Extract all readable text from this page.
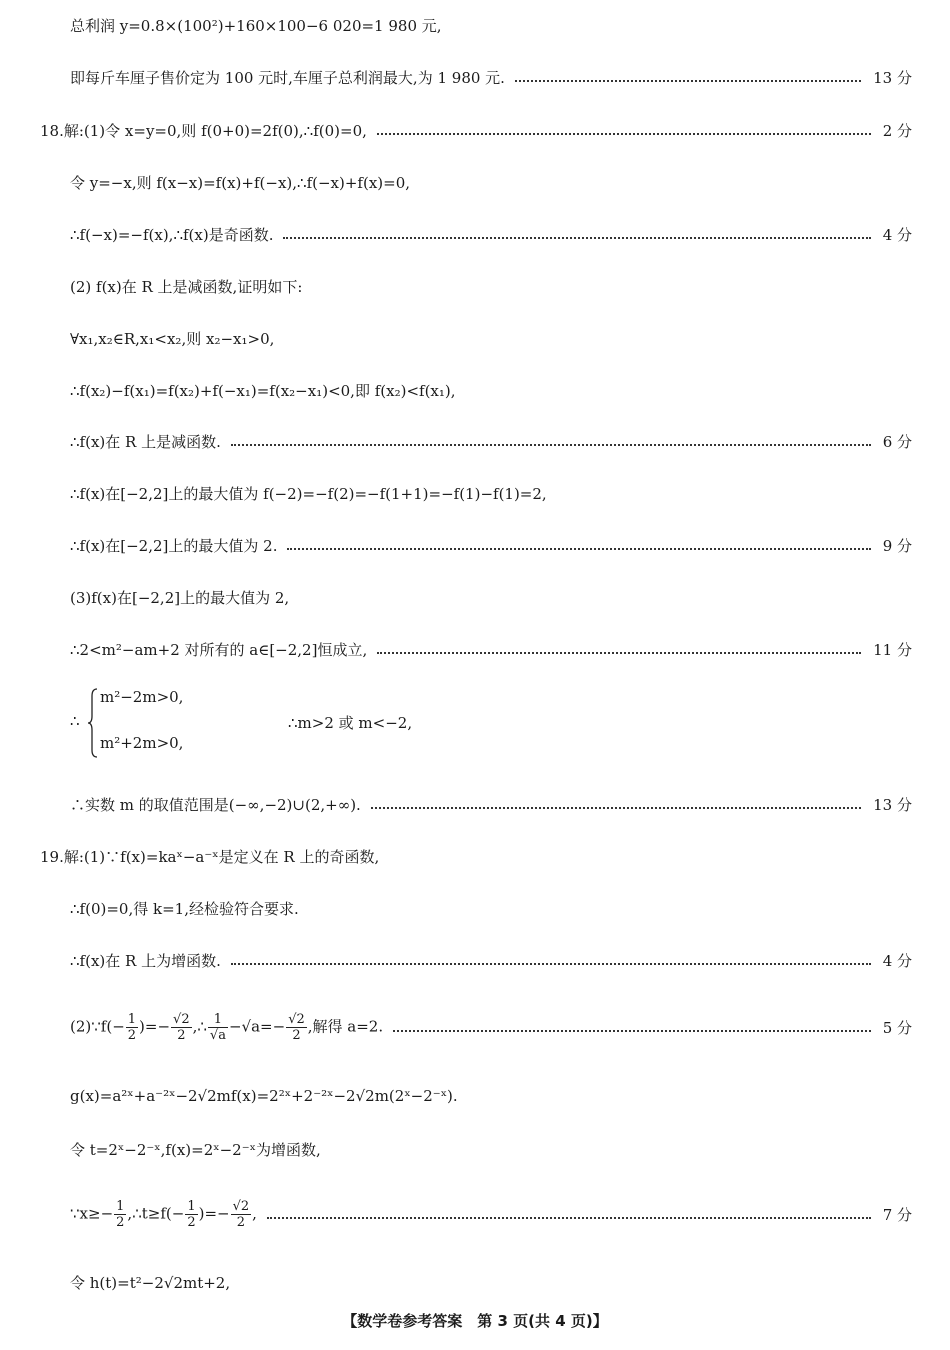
总利润 y=0.8×(100²)+160×100−6 020=1 980 元,
即每斤车厘子售价定为 100 元时,车厘子总利润最大,为 1 980 元.	13 分
18.解:(1)令 x=y=0,则 f(0+0)=2f(0),∴f(0)=0,	2 分
令 y=−x,则 f(x−x)=f(x)+f(−x),∴f(−x)+f(x)=0,
∴f(−x)=−f(x),∴f(x)是奇函数.	4 分
(2) f(x)在 R 上是减函数,证明如下:
∀x₁,x₂∈R,x₁<x₂,则 x₂−x₁>0,
∴f(x₂)−f(x₁)=f(x₂)+f(−x₁)=f(x₂−x₁)<0,即 f(x₂)<f(x₁),
∴f(x)在 R 上是减函数.	6 分
∴f(x)在[−2,2]上的最大值为 f(−2)=−f(2)=−f(1+1)=−f(1)−f(1)=2,
∴f(x)在[−2,2]上的最大值为 2.	9 分
(3)f(x)在[−2,2]上的最大值为 2,
∴2<m²−am+2 对所有的 a∈[−2,2]恒成立,	11 分
∴
m²−2m>0,
m²+2m>0,
∴m>2 或 m<−2,
∴实数 m 的取值范围是(−∞,−2)∪(2,+∞).	13 分
19.解:(1)∵f(x)=kaˣ−a⁻ˣ是定义在 R 上的奇函数,
∴f(0)=0,得 k=1,经检验符合要求.
∴f(x)在 R 上为增函数.	4 分
(2)∵f(− $\frac{1}{2}$ )=− $\frac{√2}{2}$ ,∴ $\frac{1}{√a} -√a=- \frac{√2}{2}$ ,解得 a=2.	5 分
g(x)=a²ˣ+a⁻²ˣ−2√2mf(x)=2²ˣ+2⁻²ˣ−2√2m(2ˣ−2⁻ˣ).
令 t=2ˣ−2⁻ˣ,f(x)=2ˣ−2⁻ˣ为增函数,
∵x≥− $\frac{1}{2}$ ,∴t≥f(− $\frac{1}{2}$ )=− $\frac{√2}{2}$ ,	7 分
令 h(t)=t²−2√2mt+2,
【数学卷参考答案　第 3 页(共 4 页)】
